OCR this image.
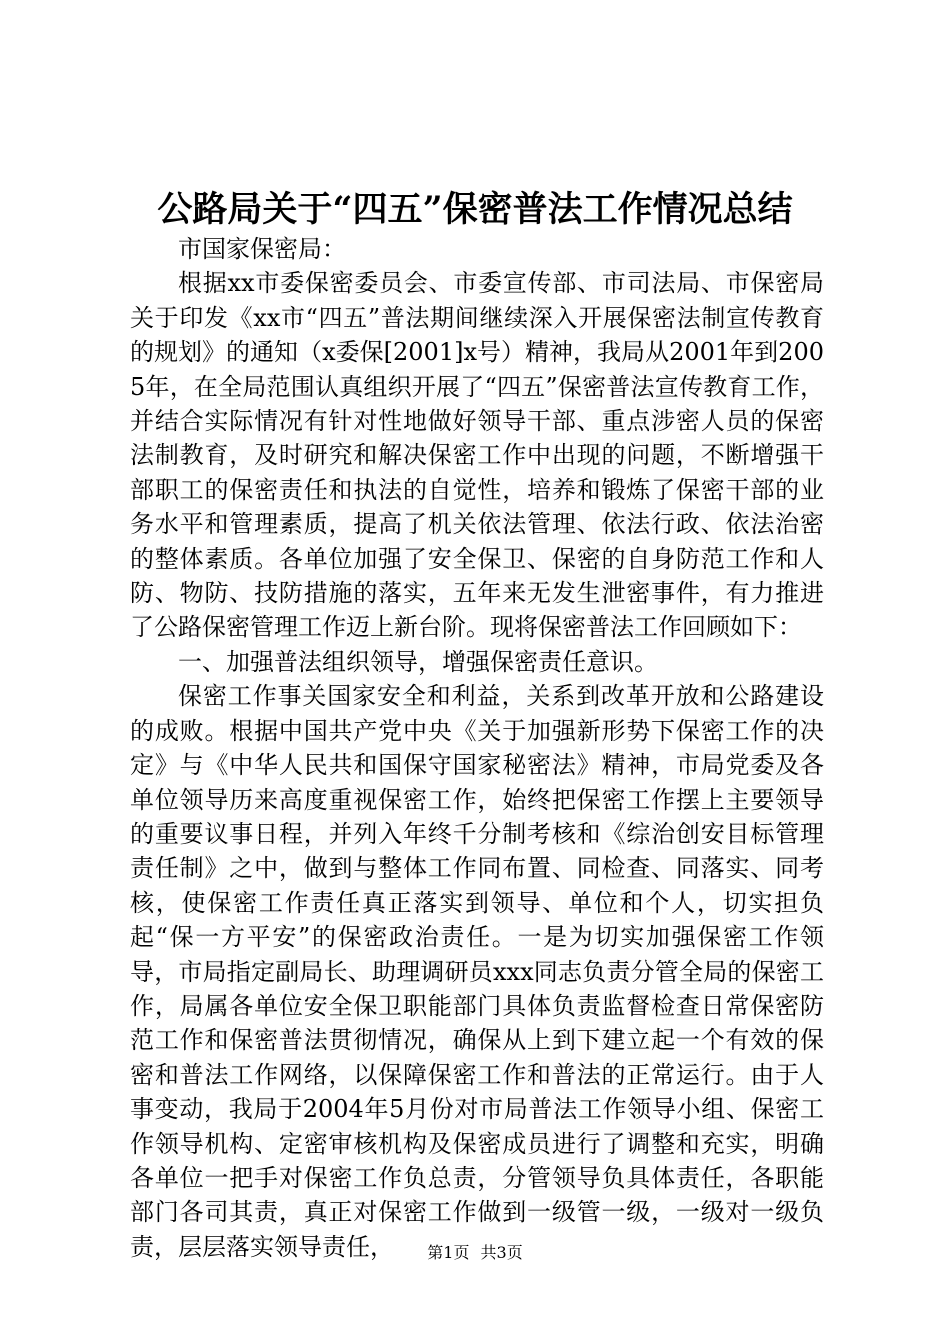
公路局关于“四五”保密普法工作情况总结

市国家保密局：

根据xx市委保密委员会、市委宣传部、市司法局、市保密局关于印发《xx市“四五”普法期间继续深入开展保密法制宣传教育的规划》的通知（x委保[2001]x号）精神，我局从2001年到2005年，在全局范围认真组织开展了“四五”保密普法宣传教育工作，并结合实际情况有针对性地做好领导干部、重点涉密人员的保密法制教育，及时研究和解决保密工作中出现的问题，不断增强干部职工的保密责任和执法的自觉性，培养和锻炼了保密干部的业务水平和管理素质，提高了机关依法管理、依法行政、依法治密的整体素质。各单位加强了安全保卫、保密的自身防范工作和人防、物防、技防措施的落实，五年来无发生泄密事件，有力推进了公路保密管理工作迈上新台阶。现将保密普法工作回顾如下：

一、加强普法组织领导，增强保密责任意识。

保密工作事关国家安全和利益，关系到改革开放和公路建设的成败。根据中国共产党中央《关于加强新形势下保密工作的决定》与《中华人民共和国保守国家秘密法》精神，市局党委及各单位领导历来高度重视保密工作，始终把保密工作摆上主要领导的重要议事日程，并列入年终千分制考核和《综治创安目标管理责任制》之中，做到与整体工作同布置、同检查、同落实、同考核，使保密工作责任真正落实到领导、单位和个人，切实担负起“保一方平安”的保密政治责任。一是为切实加强保密工作领导，市局指定副局长、助理调研员xxx同志负责分管全局的保密工作，局属各单位安全保卫职能部门具体负责监督检查日常保密防范工作和保密普法贯彻情况，确保从上到下建立起一个有效的保密和普法工作网络，以保障保密工作和普法的正常运行。由于人事变动，我局于2004年5月份对市局普法工作领导小组、保密工作领导机构、定密审核机构及保密成员进行了调整和充实，明确各单位一把手对保密工作负总责，分管领导负具体责任，各职能部门各司其责，真正对保密工作做到一级管一级，一级对一级负责，层层落实领导责任，	第1页 共3页
